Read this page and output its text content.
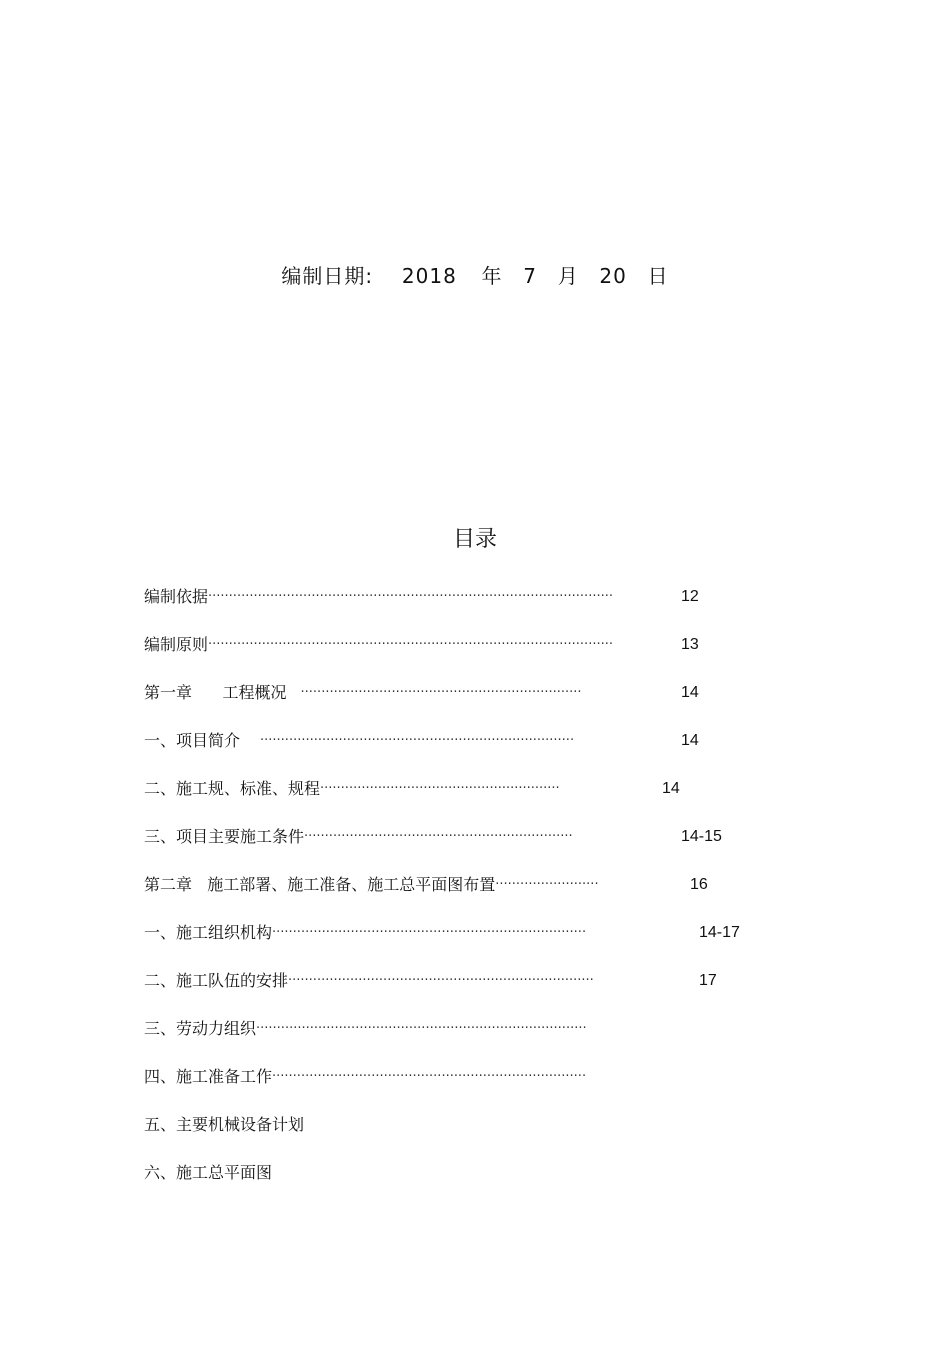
编制日期: 2018 年 7 月 20 日
目录
编制依据··································································································	12
编制原则··································································································	13
第一章      工程概况 ····································································	14
一、项目简介 ············································································	14
二、施工规、标准、规程··························································	14
三、项目主要施工条件·································································	14-15
第二章   施工部署、施工准备、施工总平面图布置·························	16
一、施工组织机构············································································	14-17
二、施工队伍的安排··········································································	17
三、劳动力组织················································································
四、施工准备工作············································································
五、主要机械设备计划
六、施工总平面图
